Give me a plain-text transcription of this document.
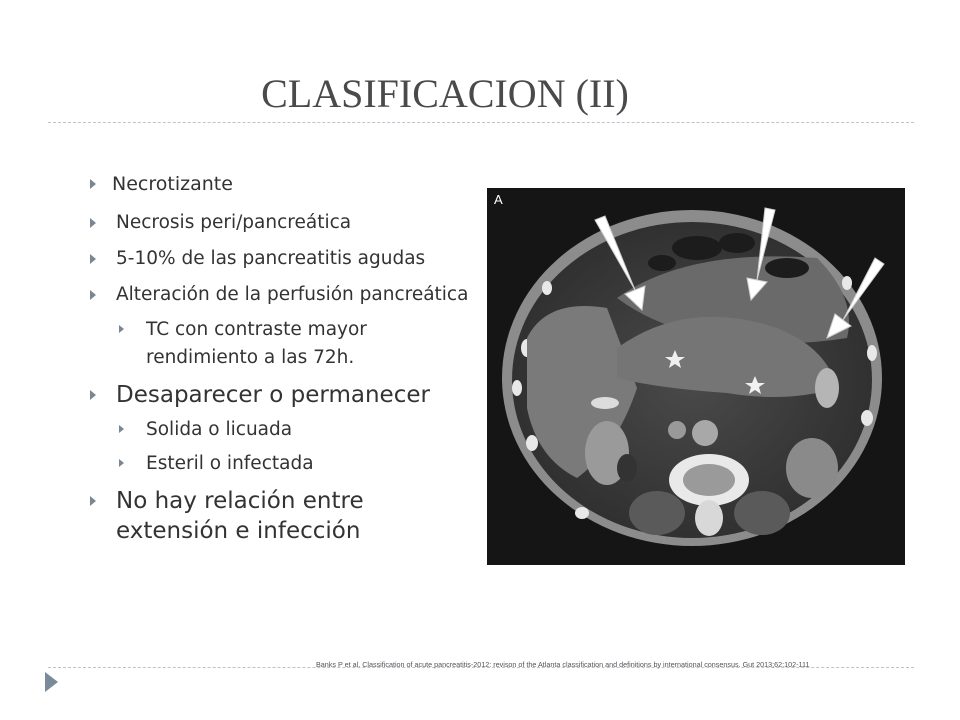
CLASIFICACION (II)
Necrotizante
Necrosis peri/pancreática
5-10% de las pancreatitis agudas
Alteración de la perfusión pancreática
TC con contraste mayor rendimiento a las 72h.
Desaparecer o permanecer
Solida o licuada
Esteril o infectada
No hay relación entre extensión e infección
A
Banks P et al. Classification of acute pancreatitis-2012: revison of the Atlanta classification and definitions by international consensus. Gut 2013;62:102-111
